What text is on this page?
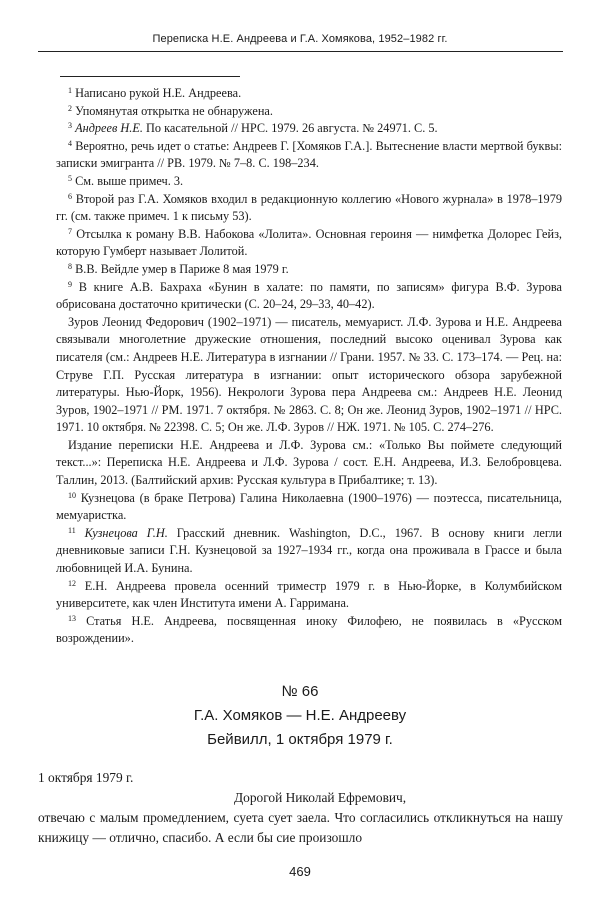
Переписка Н.Е. Андреева и Г.А. Хомякова, 1952–1982 гг.

$^1$ Написано рукой Н.Е. Андреева.

$^2$ Упомянутая открытка не обнаружена.

$^3$ Андреев Н.Е. По касательной // НРС. 1979. 26 августа. № 24971. С. 5.

$^4$ Вероятно, речь идет о статье: Андреев Г. [Хомяков Г.А.]. Вытеснение власти мертвой буквы: записки эмигранта // РВ. 1979. № 7–8. С. 198–234.

$^5$ См. выше примеч. 3.

$^6$ Второй раз Г.А. Хомяков входил в редакционную коллегию «Нового журнала» в 1978–1979 гг. (см. также примеч. 1 к письму 53).

$^7$ Отсылка к роману В.В. Набокова «Лолита». Основная героиня — нимфетка Долорес Гейз, которую Гумберт называет Лолитой.

$^8$ В.В. Вейдле умер в Париже 8 мая 1979 г.

$^9$ В книге А.В. Бахраха «Бунин в халате: по памяти, по записям» фигура В.Ф. Зурова обрисована достаточно критически (С. 20–24, 29–33, 40–42).

Зуров Леонид Федорович (1902–1971) — писатель, мемуарист. Л.Ф. Зурова и Н.Е. Андреева связывали многолетние дружеские отношения, последний высоко оценивал Зурова как писателя (см.: Андреев Н.Е. Литература в изгнании // Грани. 1957. № 33. С. 173–174. — Рец. на: Струве Г.П. Русская литература в изгнании: опыт исторического обзора зарубежной литературы. Нью-Йорк, 1956). Некрологи Зурова пера Андреева см.: Андреев Н.Е. Леонид Зуров, 1902–1971 // РМ. 1971. 7 октября. № 2863. С. 8; Он же. Леонид Зуров, 1902–1971 // НРС. 1971. 10 октября. № 22398. С. 5; Он же. Л.Ф. Зуров // НЖ. 1971. № 105. С. 274–276.

Издание переписки Н.Е. Андреева и Л.Ф. Зурова см.: «Только Вы поймете следующий текст...»: Переписка Н.Е. Андреева и Л.Ф. Зурова / сост. Е.Н. Андреева, И.З. Белобровцева. Таллин, 2013. (Балтийский архив: Русская культура в Прибалтике; т. 13).

$^{10}$ Кузнецова (в браке Петрова) Галина Николаевна (1900–1976) — поэтесса, писательница, мемуаристка.

$^{11}$ Кузнецова Г.Н. Грасский дневник. Washington, D.C., 1967. В основу книги легли дневниковые записи Г.Н. Кузнецовой за 1927–1934 гг., когда она проживала в Грассе и была любовницей И.А. Бунина.

$^{12}$ Е.Н. Андреева провела осенний триместр 1979 г. в Нью-Йорке, в Колумбийском университете, как член Института имени А. Гарримана.

$^{13}$ Статья Н.Е. Андреева, посвященная иноку Филофею, не появилась в «Русском возрождении».

№ 66
Г.А. Хомяков — Н.Е. Андрееву
Бейвилл, 1 октября 1979 г.

1 октября 1979 г.

Дорогой Николай Ефремович,

отвечаю с малым промедлением, суета сует заела. Что согласились откликнуться на нашу книжицу — отлично, спасибо. А если бы сие произошло

469
